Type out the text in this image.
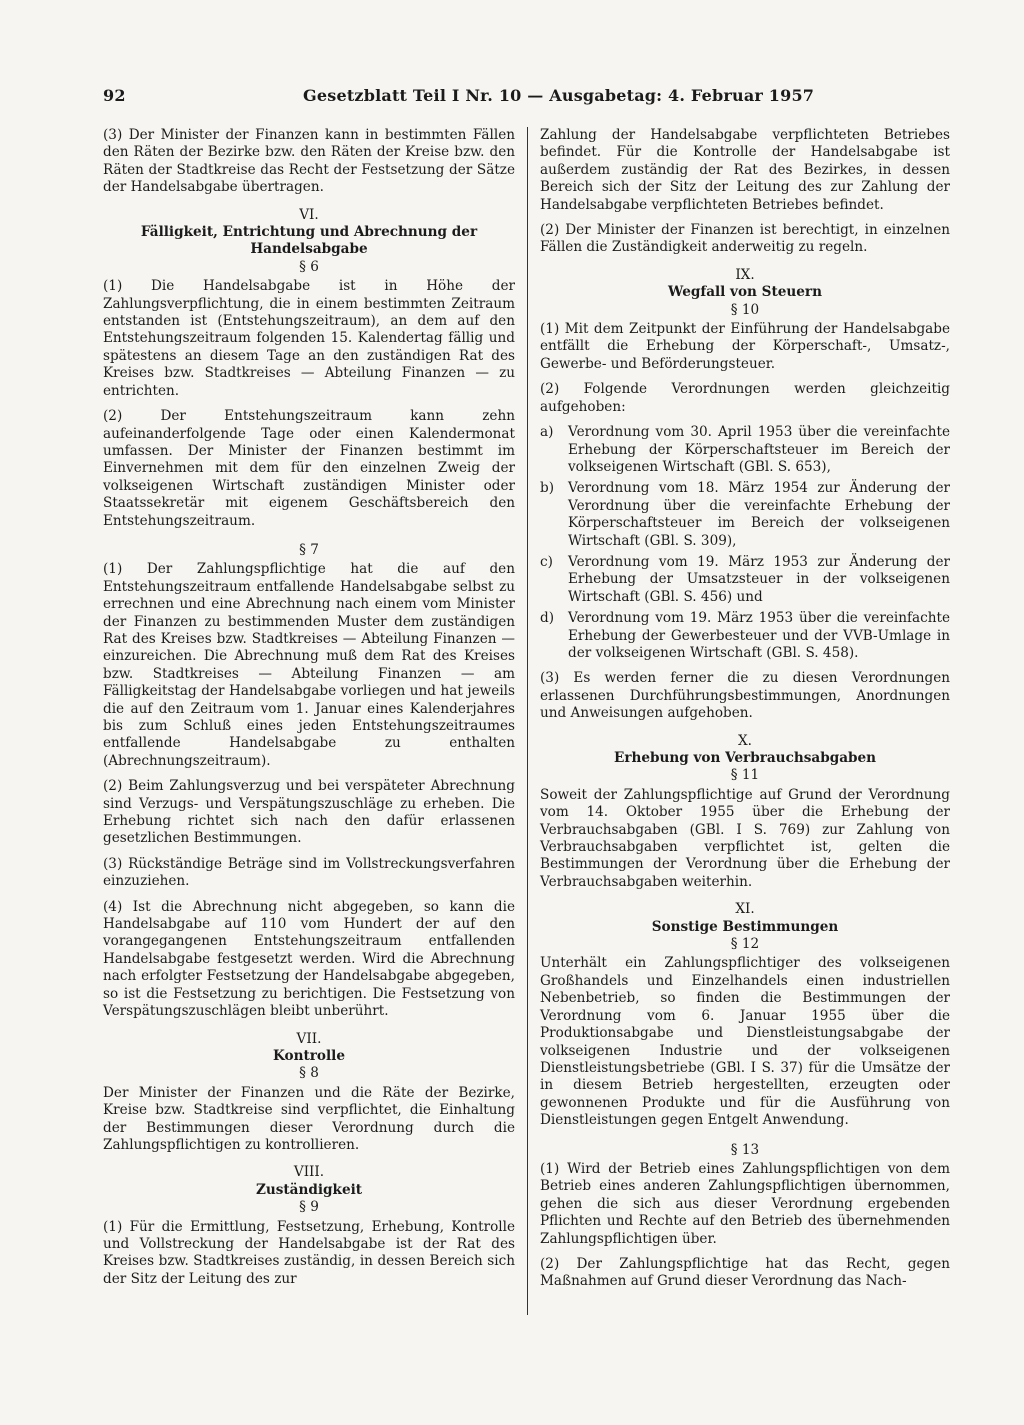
92	Gesetzblatt Teil I Nr. 10 — Ausgabetag: 4. Februar 1957

(3) Der Minister der Finanzen kann in bestimmten Fällen den Räten der Bezirke bzw. den Räten der Kreise bzw. den Räten der Stadtkreise das Recht der Festsetzung der Sätze der Handelsabgabe übertragen.

VI.
Fälligkeit, Entrichtung und Abrechnung der Handelsabgabe
§ 6

(1) Die Handelsabgabe ist in Höhe der Zahlungsverpflichtung, die in einem bestimmten Zeitraum entstanden ist (Entstehungszeitraum), an dem auf den Entstehungszeitraum folgenden 15. Kalendertag fällig und spätestens an diesem Tage an den zuständigen Rat des Kreises bzw. Stadtkreises — Abteilung Finanzen — zu entrichten.

(2) Der Entstehungszeitraum kann zehn aufeinanderfolgende Tage oder einen Kalendermonat umfassen. Der Minister der Finanzen bestimmt im Einvernehmen mit dem für den einzelnen Zweig der volkseigenen Wirtschaft zuständigen Minister oder Staatssekretär mit eigenem Geschäftsbereich den Entstehungszeitraum.

§ 7

(1) Der Zahlungspflichtige hat die auf den Entstehungszeitraum entfallende Handelsabgabe selbst zu errechnen und eine Abrechnung nach einem vom Minister der Finanzen zu bestimmenden Muster dem zuständigen Rat des Kreises bzw. Stadtkreises — Abteilung Finanzen — einzureichen. Die Abrechnung muß dem Rat des Kreises bzw. Stadtkreises — Abteilung Finanzen — am Fälligkeitstag der Handelsabgabe vorliegen und hat jeweils die auf den Zeitraum vom 1. Januar eines Kalenderjahres bis zum Schluß eines jeden Entstehungszeitraumes entfallende Handelsabgabe zu enthalten (Abrechnungszeitraum).

(2) Beim Zahlungsverzug und bei verspäteter Abrechnung sind Verzugs- und Verspätungszuschläge zu erheben. Die Erhebung richtet sich nach den dafür erlassenen gesetzlichen Bestimmungen.

(3) Rückständige Beträge sind im Vollstreckungsverfahren einzuziehen.

(4) Ist die Abrechnung nicht abgegeben, so kann die Handelsabgabe auf 110 vom Hundert der auf den vorangegangenen Entstehungszeitraum entfallenden Handelsabgabe festgesetzt werden. Wird die Abrechnung nach erfolgter Festsetzung der Handelsabgabe abgegeben, so ist die Festsetzung zu berichtigen. Die Festsetzung von Verspätungszuschlägen bleibt unberührt.

VII.
Kontrolle
§ 8

Der Minister der Finanzen und die Räte der Bezirke, Kreise bzw. Stadtkreise sind verpflichtet, die Einhaltung der Bestimmungen dieser Verordnung durch die Zahlungspflichtigen zu kontrollieren.

VIII.
Zuständigkeit
§ 9

(1) Für die Ermittlung, Festsetzung, Erhebung, Kontrolle und Vollstreckung der Handelsabgabe ist der Rat des Kreises bzw. Stadtkreises zuständig, in dessen Bereich sich der Sitz der Leitung des zur

Zahlung der Handelsabgabe verpflichteten Betriebes befindet. Für die Kontrolle der Handelsabgabe ist außerdem zuständig der Rat des Bezirkes, in dessen Bereich sich der Sitz der Leitung des zur Zahlung der Handelsabgabe verpflichteten Betriebes befindet.

(2) Der Minister der Finanzen ist berechtigt, in einzelnen Fällen die Zuständigkeit anderweitig zu regeln.

IX.
Wegfall von Steuern
§ 10

(1) Mit dem Zeitpunkt der Einführung der Handelsabgabe entfällt die Erhebung der Körperschaft-, Umsatz-, Gewerbe- und Beförderungsteuer.

(2) Folgende Verordnungen werden gleichzeitig aufgehoben:

a) Verordnung vom 30. April 1953 über die vereinfachte Erhebung der Körperschaftsteuer im Bereich der volkseigenen Wirtschaft (GBl. S. 653),
b) Verordnung vom 18. März 1954 zur Änderung der Verordnung über die vereinfachte Erhebung der Körperschaftsteuer im Bereich der volkseigenen Wirtschaft (GBl. S. 309),
c) Verordnung vom 19. März 1953 zur Änderung der Erhebung der Umsatzsteuer in der volkseigenen Wirtschaft (GBl. S. 456) und
d) Verordnung vom 19. März 1953 über die vereinfachte Erhebung der Gewerbesteuer und der VVB-Umlage in der volkseigenen Wirtschaft (GBl. S. 458).

(3) Es werden ferner die zu diesen Verordnungen erlassenen Durchführungsbestimmungen, Anordnungen und Anweisungen aufgehoben.

X.
Erhebung von Verbrauchsabgaben
§ 11

Soweit der Zahlungspflichtige auf Grund der Verordnung vom 14. Oktober 1955 über die Erhebung der Verbrauchsabgaben (GBl. I S. 769) zur Zahlung von Verbrauchsabgaben verpflichtet ist, gelten die Bestimmungen der Verordnung über die Erhebung der Verbrauchsabgaben weiterhin.

XI.
Sonstige Bestimmungen
§ 12

Unterhält ein Zahlungspflichtiger des volkseigenen Großhandels und Einzelhandels einen industriellen Nebenbetrieb, so finden die Bestimmungen der Verordnung vom 6. Januar 1955 über die Produktionsabgabe und Dienstleistungsabgabe der volkseigenen Industrie und der volkseigenen Dienstleistungsbetriebe (GBl. I S. 37) für die Umsätze der in diesem Betrieb hergestellten, erzeugten oder gewonnenen Produkte und für die Ausführung von Dienstleistungen gegen Entgelt Anwendung.

§ 13

(1) Wird der Betrieb eines Zahlungspflichtigen von dem Betrieb eines anderen Zahlungspflichtigen übernommen, gehen die sich aus dieser Verordnung ergebenden Pflichten und Rechte auf den Betrieb des übernehmenden Zahlungspflichtigen über.

(2) Der Zahlungspflichtige hat das Recht, gegen Maßnahmen auf Grund dieser Verordnung das Nach-
